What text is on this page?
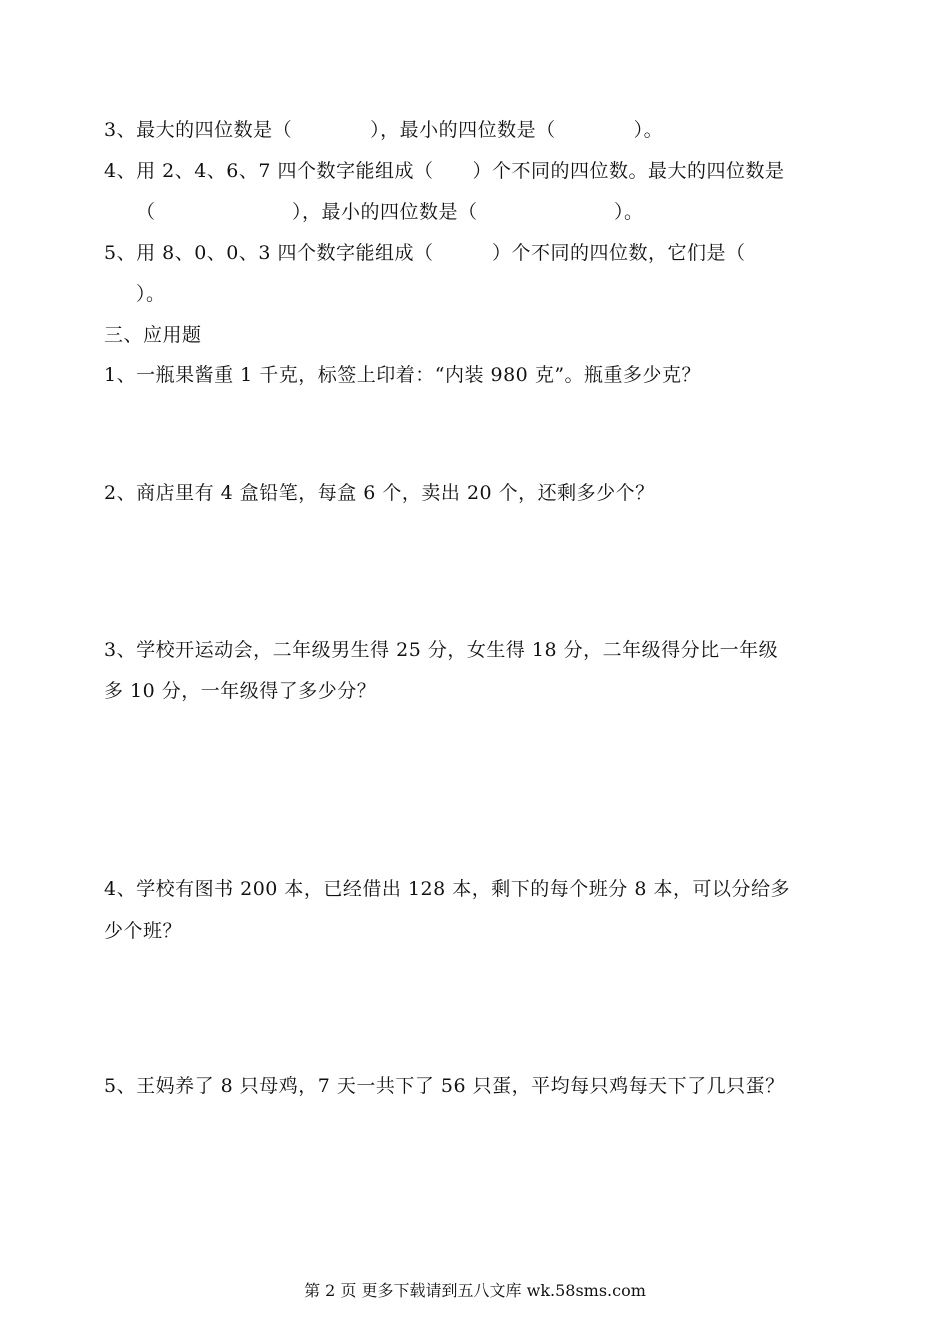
3、最大的四位数是（　　　　），最小的四位数是（　　　　）。
4、用 2、4、6、7 四个数字能组成（　　）个不同的四位数。最大的四位数是
（　　　　　　　），最小的四位数是（　　　　　　　）。
5、用 8、0、0、3 四个数字能组成（　　　）个不同的四位数，它们是（
）。
三、应用题
1、一瓶果酱重 1 千克，标签上印着：“内装 980 克”。瓶重多少克？
2、商店里有 4 盒铅笔，每盒 6 个，卖出 20 个，还剩多少个？
3、学校开运动会，二年级男生得 25 分，女生得 18 分，二年级得分比一年级
多 10 分，一年级得了多少分？
4、学校有图书 200 本，已经借出 128 本，剩下的每个班分 8 本，可以分给多
少个班？
5、王妈养了 8 只母鸡，7 天一共下了 56 只蛋，平均每只鸡每天下了几只蛋？
第 2 页 更多下载请到五八文库 wk.58sms.com
